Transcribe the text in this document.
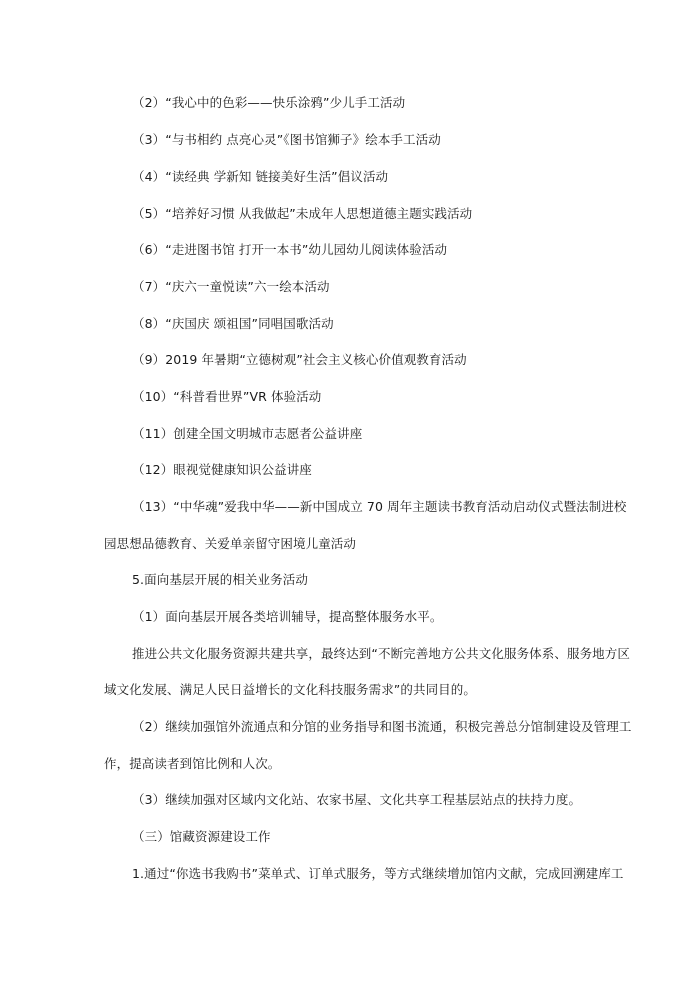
（2）“我心中的色彩——快乐涂鸦”少儿手工活动
（3）“与书相约 点亮心灵”《图书馆狮子》绘本手工活动
（4）“读经典 学新知 链接美好生活”倡议活动
（5）“培养好习惯 从我做起”未成年人思想道德主题实践活动
（6）“走进图书馆 打开一本书”幼儿园幼儿阅读体验活动
（7）“庆六一童悦读”六一绘本活动
（8）“庆国庆 颂祖国”同唱国歌活动
（9）2019 年暑期“立德树观”社会主义核心价值观教育活动
（10）“科普看世界”VR 体验活动
（11）创建全国文明城市志愿者公益讲座
（12）眼视觉健康知识公益讲座
（13）“中华魂”爱我中华——新中国成立 70 周年主题读书教育活动启动仪式暨法制进校
园思想品德教育、关爱单亲留守困境儿童活动
5.面向基层开展的相关业务活动
（1）面向基层开展各类培训辅导，提高整体服务水平。
推进公共文化服务资源共建共享，最终达到“不断完善地方公共文化服务体系、服务地方区
域文化发展、满足人民日益增长的文化科技服务需求”的共同目的。
（2）继续加强馆外流通点和分馆的业务指导和图书流通，积极完善总分馆制建设及管理工
作，提高读者到馆比例和人次。
（3）继续加强对区域内文化站、农家书屋、文化共享工程基层站点的扶持力度。
（三）馆藏资源建设工作
1.通过“你选书我购书”菜单式、订单式服务，等方式继续增加馆内文献，完成回溯建库工
